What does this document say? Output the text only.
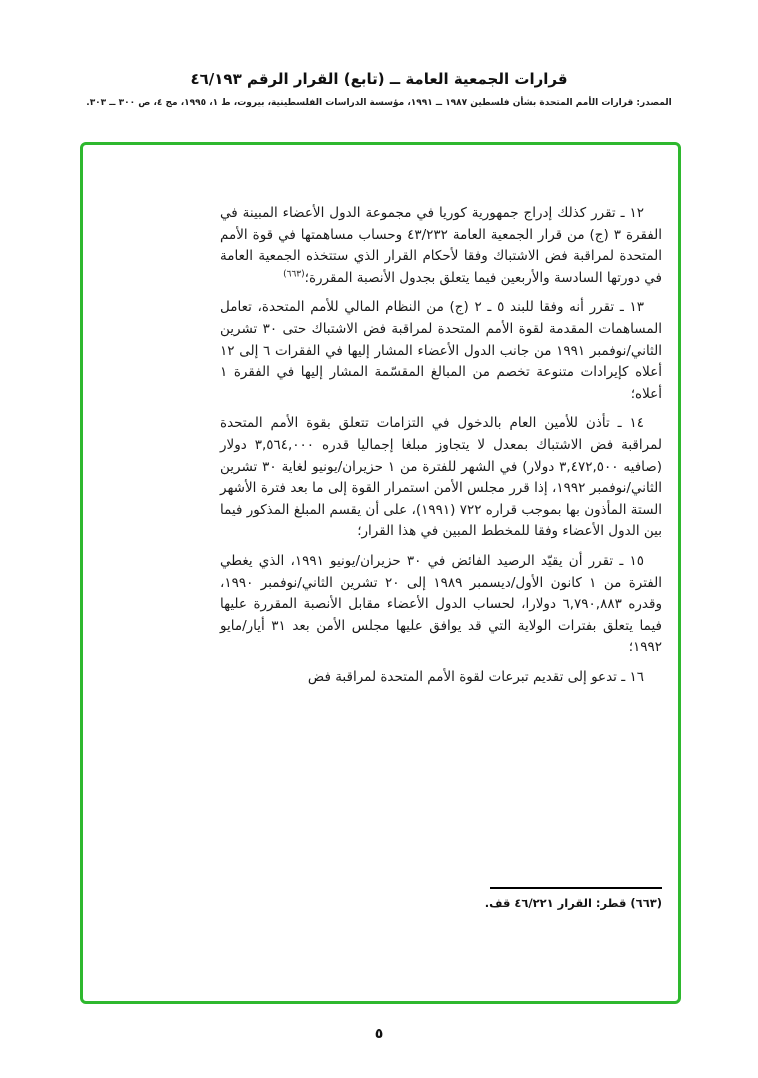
قرارات الجمعية العامة ــ (تابع) القرار الرقم ٤٦/١٩٣
المصدر: قرارات الأمم المتحدة بشأن فلسطين ١٩٨٧ ــ ١٩٩١، مؤسسة الدراسات الفلسطينية، بيروت، ط ١، ١٩٩٥، مج ٤، ص ٣٠٠ ــ ٣٠٣.

١٢ ـ تقرر كذلك إدراج جمهورية كوريا في مجموعة الدول الأعضاء المبينة في الفقرة ٣ (ج) من قرار الجمعية العامة ٤٣/٢٣٢ وحساب مساهمتها في قوة الأمم المتحدة لمراقبة فض الاشتباك وفقا لأحكام القرار الذي ستتخذه الجمعية العامة في دورتها السادسة والأربعين فيما يتعلق بجدول الأنصبة المقررة؛$^{(٦٦٣)}$

١٣ ـ تقرر أنه وفقا للبند ٥ ـ ٢ (ج) من النظام المالي للأمم المتحدة، تعامل المساهمات المقدمة لقوة الأمم المتحدة لمراقبة فض الاشتباك حتى ٣٠ تشرين الثاني/نوفمبر ١٩٩١ من جانب الدول الأعضاء المشار إليها في الفقرات ٦ إلى ١٢ أعلاه كإيرادات متنوعة تخصم من المبالغ المقسّمة المشار إليها في الفقرة ١ أعلاه؛

١٤ ـ تأذن للأمين العام بالدخول في التزامات تتعلق بقوة الأمم المتحدة لمراقبة فض الاشتباك بمعدل لا يتجاوز مبلغا إجماليا قدره ٣,٥٦٤,٠٠٠ دولار (صافيه ٣,٤٧٢,٥٠٠ دولار) في الشهر للفترة من ١ حزيران/يونيو لغاية ٣٠ تشرين الثاني/نوفمبر ١٩٩٢، إذا قرر مجلس الأمن استمرار القوة إلى ما بعد فترة الأشهر الستة المأذون بها بموجب قراره ٧٢٢ (١٩٩١)، على أن يقسم المبلغ المذكور فيما بين الدول الأعضاء وفقا للمخطط المبين في هذا القرار؛

١٥ ـ تقرر أن يقيّد الرصيد الفائض في ٣٠ حزيران/يونيو ١٩٩١، الذي يغطي الفترة من ١ كانون الأول/ديسمبر ١٩٨٩ إلى ٢٠ تشرين الثاني/نوفمبر ١٩٩٠، وقدره ٦,٧٩٠,٨٨٣ دولارا، لحساب الدول الأعضاء مقابل الأنصبة المقررة عليها فيما يتعلق بفترات الولاية التي قد يوافق عليها مجلس الأمن بعد ٣١ أيار/مايو ١٩٩٢؛

١٦ ـ تدعو إلى تقديم تبرعات لقوة الأمم المتحدة لمراقبة فض

(٦٦٣) قطر: القرار ٤٦/٢٢١ قف.
٥
